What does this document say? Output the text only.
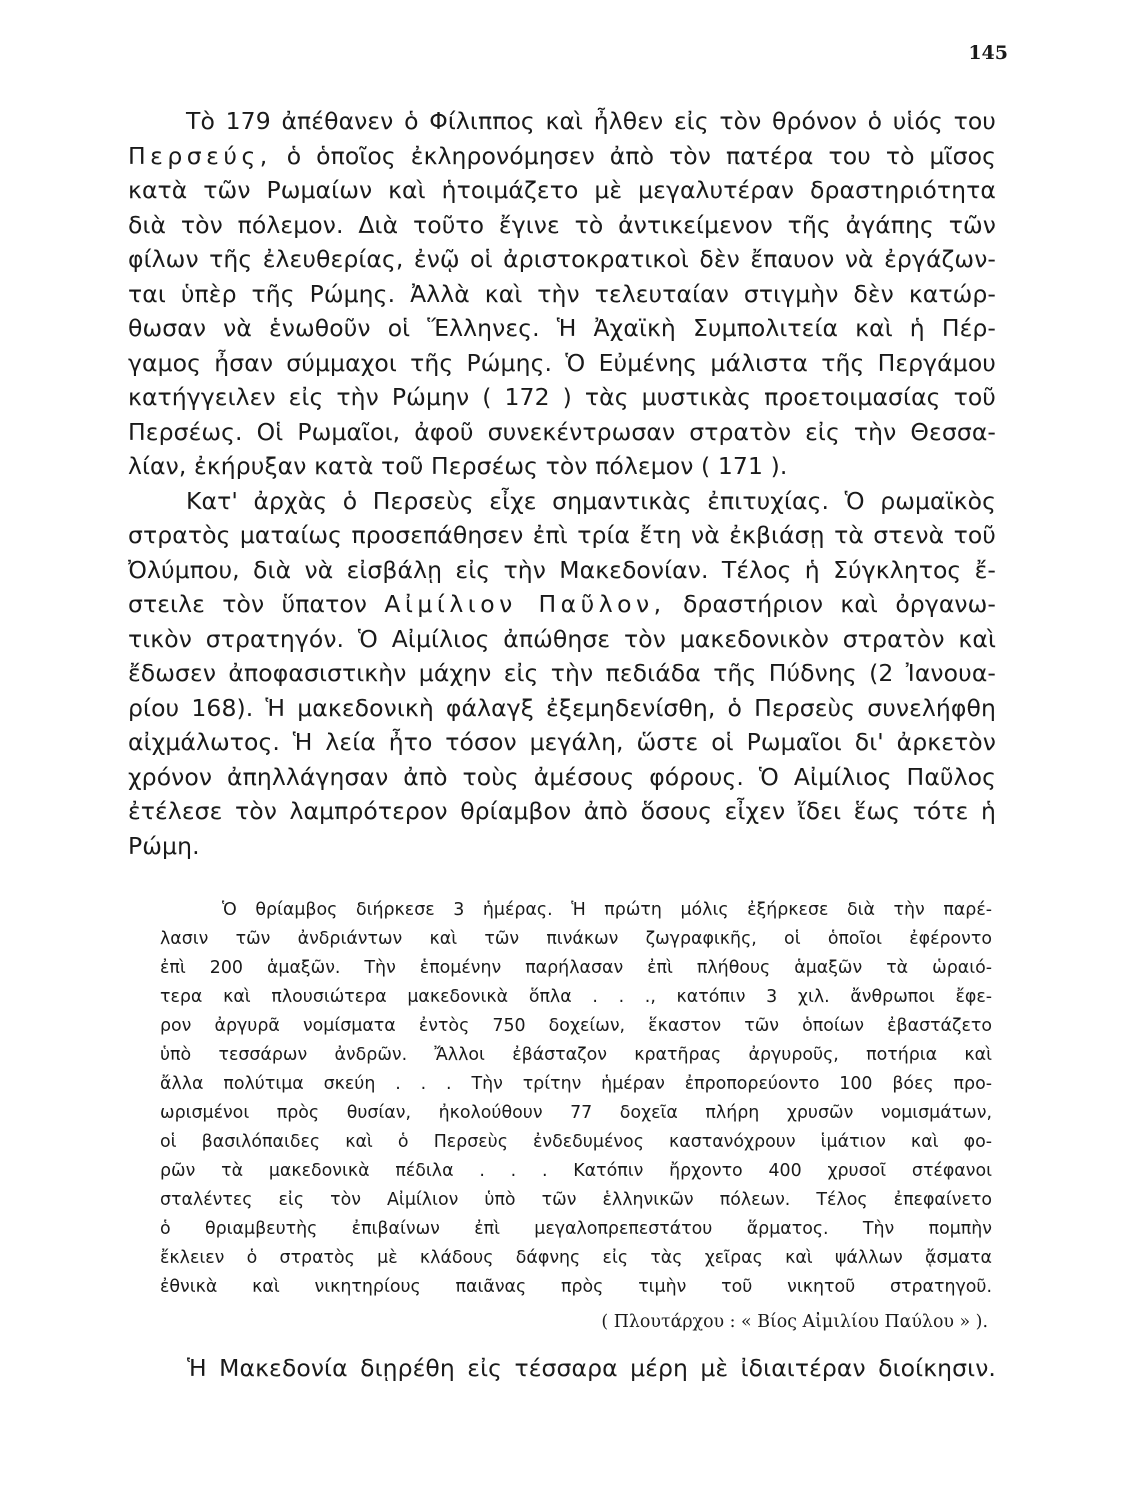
145
Τὸ 179 ἀπέθανεν ὁ Φίλιππος καὶ ἦλθεν εἰς τὸν θρόνον ὁ υἱός του
Περσεύς, ὁ ὁποῖος ἐκληρονόμησεν ἀπὸ τὸν πατέρα του τὸ μῖσος
κατὰ τῶν Ρωμαίων καὶ ἡτοιμάζετο μὲ μεγαλυτέραν δραστηριότητα
διὰ τὸν πόλεμον. Διὰ τοῦτο ἔγινε τὸ ἀντικείμενον τῆς ἀγάπης τῶν
φίλων τῆς ἐλευθερίας, ἐνῷ οἱ ἀριστοκρατικοὶ δὲν ἔπαυον νὰ ἐργάζων-
ται ὑπὲρ τῆς Ρώμης. Ἀλλὰ καὶ τὴν τελευταίαν στιγμὴν δὲν κατώρ-
θωσαν νὰ ἑνωθοῦν οἱ Ἕλληνες. Ἡ Ἀχαϊκὴ Συμπολιτεία καὶ ἡ Πέρ-
γαμος ἦσαν σύμμαχοι τῆς Ρώμης. Ὁ Εὐμένης μάλιστα τῆς Περγάμου
κατήγγειλεν εἰς τὴν Ρώμην ( 172 ) τὰς μυστικὰς προετοιμασίας τοῦ
Περσέως. Οἱ Ρωμαῖοι, ἀφοῦ συνεκέντρωσαν στρατὸν εἰς τὴν Θεσσα-
λίαν, ἐκήρυξαν κατὰ τοῦ Περσέως τὸν πόλεμον ( 171 ).
Κατ' ἀρχὰς ὁ Περσεὺς εἶχε σημαντικὰς ἐπιτυχίας. Ὁ ρωμαϊκὸς
στρατὸς ματαίως προσεπάθησεν ἐπὶ τρία ἔτη νὰ ἐκβιάσῃ τὰ στενὰ τοῦ
Ὀλύμπου, διὰ νὰ εἰσβάλῃ εἰς τὴν Μακεδονίαν. Τέλος ἡ Σύγκλητος ἔ-
στειλε τὸν ὕπατον Αἰμίλιον Παῦλον, δραστήριον καὶ ὀργανω-
τικὸν στρατηγόν. Ὁ Αἰμίλιος ἀπώθησε τὸν μακεδονικὸν στρατὸν καὶ
ἔδωσεν ἀποφασιστικὴν μάχην εἰς τὴν πεδιάδα τῆς Πύδνης (2 Ἰανουα-
ρίου 168). Ἡ μακεδονικὴ φάλαγξ ἐξεμηδενίσθη, ὁ Περσεὺς συνελήφθη
αἰχμάλωτος. Ἡ λεία ἦτο τόσον μεγάλη, ὥστε οἱ Ρωμαῖοι δι' ἀρκετὸν
χρόνον ἀπηλλάγησαν ἀπὸ τοὺς ἀμέσους φόρους. Ὁ Αἰμίλιος Παῦλος
ἐτέλεσε τὸν λαμπρότερον θρίαμβον ἀπὸ ὅσους εἶχεν ἴδει ἕως τότε ἡ
Ρώμη.
Ὁ θρίαμβος διήρκεσε 3 ἡμέρας. Ἡ πρώτη μόλις ἐξήρκεσε διὰ τὴν παρέ-
λασιν τῶν ἀνδριάντων καὶ τῶν πινάκων ζωγραφικῆς, οἱ ὁποῖοι ἐφέροντο
ἐπὶ 200 ἁμαξῶν. Τὴν ἑπομένην παρήλασαν ἐπὶ πλήθους ἁμαξῶν τὰ ὡραιό-
τερα καὶ πλουσιώτερα μακεδονικὰ ὅπλα . . ., κατόπιν 3 χιλ. ἄνθρωποι ἔφε-
ρον ἀργυρᾶ νομίσματα ἐντὸς 750 δοχείων, ἕκαστον τῶν ὁποίων ἐβαστάζετο
ὑπὸ τεσσάρων ἀνδρῶν. Ἄλλοι ἐβάσταζον κρατῆρας ἀργυροῦς, ποτήρια καὶ
ἄλλα πολύτιμα σκεύη . . . Τὴν τρίτην ἡμέραν ἐπροπορεύοντο 100 βόες προ-
ωρισμένοι πρὸς θυσίαν, ἠκολούθουν 77 δοχεῖα πλήρη χρυσῶν νομισμάτων,
οἱ βασιλόπαιδες καὶ ὁ Περσεὺς ἐνδεδυμένος καστανόχρουν ἱμάτιον καὶ φο-
ρῶν τὰ μακεδονικὰ πέδιλα . . . Κατόπιν ἤρχοντο 400 χρυσοῖ στέφανοι
σταλέντες εἰς τὸν Αἰμίλιον ὑπὸ τῶν ἑλληνικῶν πόλεων. Τέλος ἐπεφαίνετο
ὁ θριαμβευτὴς ἐπιβαίνων ἐπὶ μεγαλοπρεπεστάτου ἅρματος. Τὴν πομπὴν
ἔκλειεν ὁ στρατὸς μὲ κλάδους δάφνης εἰς τὰς χεῖρας καὶ ψάλλων ᾄσματα
ἐθνικὰ καὶ νικητηρίους παιᾶνας πρὸς τιμὴν τοῦ νικητοῦ στρατηγοῦ.
( Πλουτάρχου : « Βίος Αἰμιλίου Παύλου » ).
Ἡ Μακεδονία διῃρέθη εἰς τέσσαρα μέρη μὲ ἰδιαιτέραν διοίκησιν.
